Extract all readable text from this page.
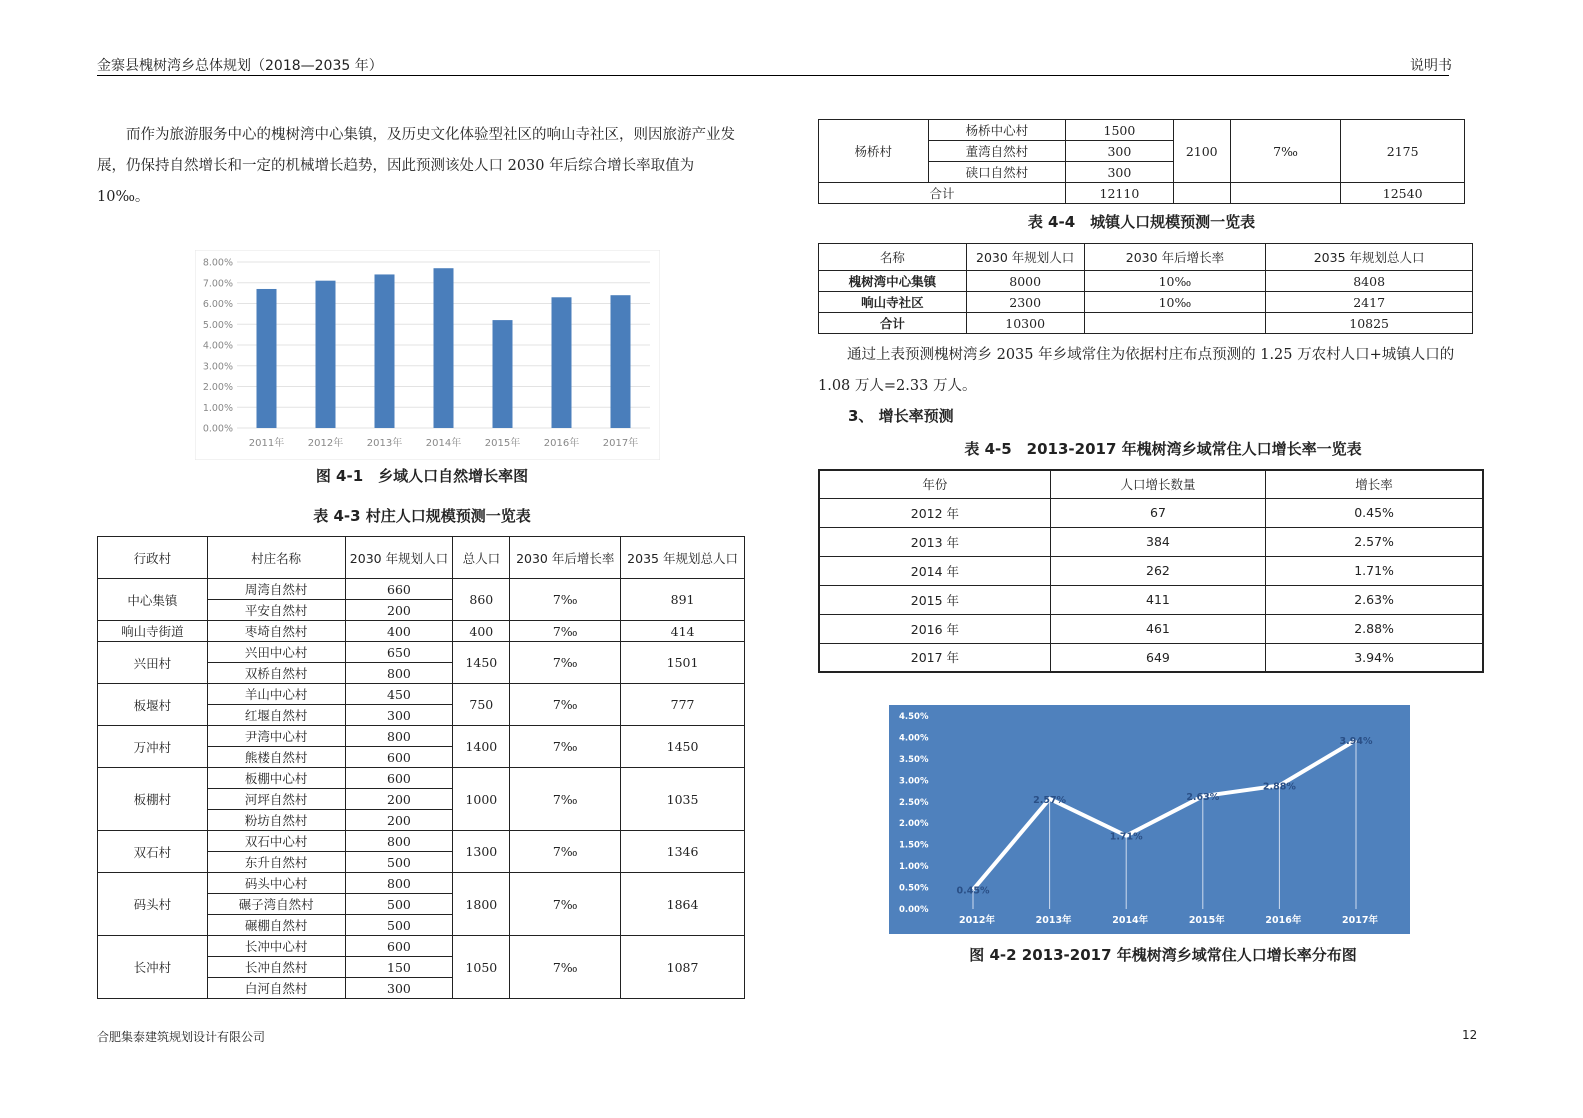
金寨县槐树湾乡总体规划（2018—2035 年）	说明书
合肥集泰建筑规划设计有限公司	12
而作为旅游服务中心的槐树湾中心集镇，及历史文化体验型社区的响山寺社区，则因旅游产业发展，仍保持自然增长和一定的机械增长趋势，因此预测该处人口 2030 年后综合增长率取值为 10‰。
0.00%
1.00%
2.00%
3.00%
4.00%
5.00%
6.00%
7.00%
8.00%
2011年 2012年 2013年 2014年 2015年 2016年 2017年
图 4-1　乡域人口自然增长率图
表 4-3 村庄人口规模预测一览表
行政村	村庄名称	2030 年规划人口	总人口	2030 年后增长率	2035 年规划总人口
中心集镇	周湾自然村	660	860	7‰	891
	平安自然村	200			
响山寺街道	枣埼自然村	400	400	7‰	414
兴田村	兴田中心村	650	1450	7‰	1501
	双桥自然村	800			
板堰村	羊山中心村	450	750	7‰	777
	红堰自然村	300			
万冲村	尹湾中心村	800	1400	7‰	1450
	熊楼自然村	600			
板棚村	板棚中心村	600	1000	7‰	1035
	河坪自然村	200			
	粉坊自然村	200			
双石村	双石中心村	800	1300	7‰	1346
	东升自然村	500			
码头村	码头中心村	800	1800	7‰	1864
	碾子湾自然村	500			
	碾棚自然村	500			
长冲村	长冲中心村	600	1050	7‰	1087
	长冲自然村	150			
	白河自然村	300			
杨桥村	杨桥中心村	1500	2100	7‰	2175
	董湾自然村	300			
	硖口自然村	300			
合计		12110			12540
表 4-4　城镇人口规模预测一览表
名称	2030 年规划人口	2030 年后增长率	2035 年规划总人口
槐树湾中心集镇	8000	10‰	8408
响山寺社区	2300	10‰	2417
合计	10300		10825
通过上表预测槐树湾乡 2035 年乡域常住为依据村庄布点预测的 1.25 万农村人口+城镇人口的 1.08 万人=2.33 万人。
3、 增长率预测
表 4-5　2013-2017 年槐树湾乡域常住人口增长率一览表
年份	人口增长数量	增长率
2012 年	67	0.45%
2013 年	384	2.57%
2014 年	262	1.71%
2015 年	411	2.63%
2016 年	461	2.88%
2017 年	649	3.94%
0.00%
0.50%
1.00%
1.50%
2.00%
2.50%
3.00%
3.50%
4.00%
4.50%
0.45%
2.57%
1.71%
2.63%
2.88%
3.94%
2012年	2013年	2014年	2015年	2016年	2017年
图 4-2 2013-2017 年槐树湾乡域常住人口增长率分布图
